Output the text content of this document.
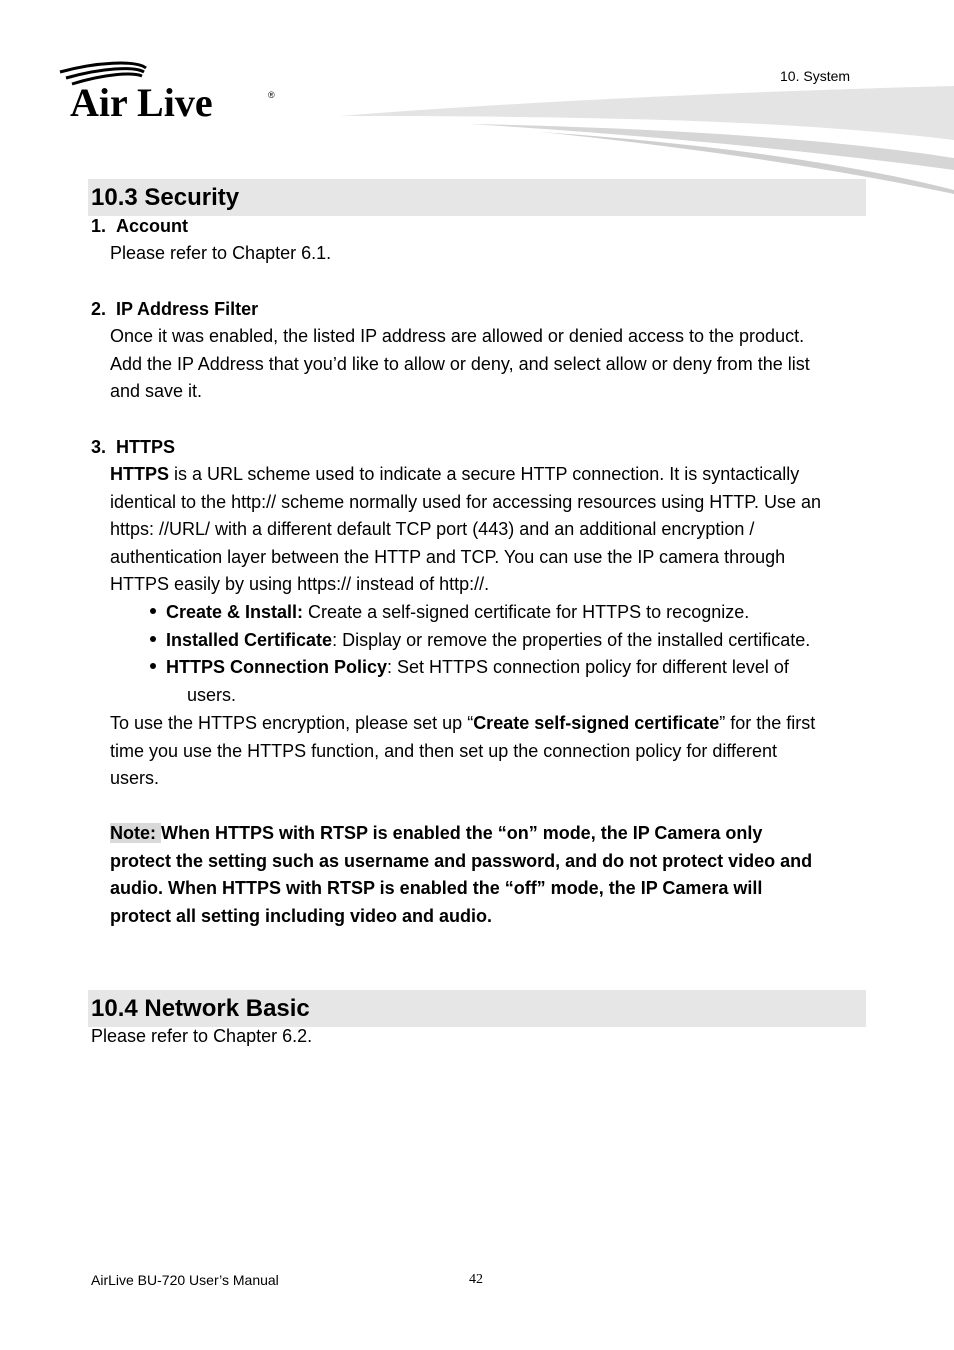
Air Live	®
10. System
10.3 Security
1. Account
Please refer to Chapter 6.1.
2. IP Address Filter
Once it was enabled, the listed IP address are allowed or denied access to the product.
Add the IP Address that you’d like to allow or deny, and select allow or deny from the list
and save it.
3. HTTPS
HTTPS is a URL scheme used to indicate a secure HTTP connection. It is syntactically
identical to the http:// scheme normally used for accessing resources using HTTP. Use an
https: //URL/ with a different default TCP port (443) and an additional encryption /
authentication layer between the HTTP and TCP. You can use the IP camera through
HTTPS easily by using https:// instead of http://.
Create & Install: Create a self-signed certificate for HTTPS to recognize.
Installed Certificate: Display or remove the properties of the installed certificate.
HTTPS Connection Policy: Set HTTPS connection policy for different level of
users.
To use the HTTPS encryption, please set up “Create self-signed certificate” for the first
time you use the HTTPS function, and then set up the connection policy for different
users.
Note: When HTTPS with RTSP is enabled the “on” mode, the IP Camera only
protect the setting such as username and password, and do not protect video and
audio. When HTTPS with RTSP is enabled the “off” mode, the IP Camera will
protect all setting including video and audio.
10.4 Network Basic
Please refer to Chapter 6.2.
AirLive BU-720 User’s Manual	42
